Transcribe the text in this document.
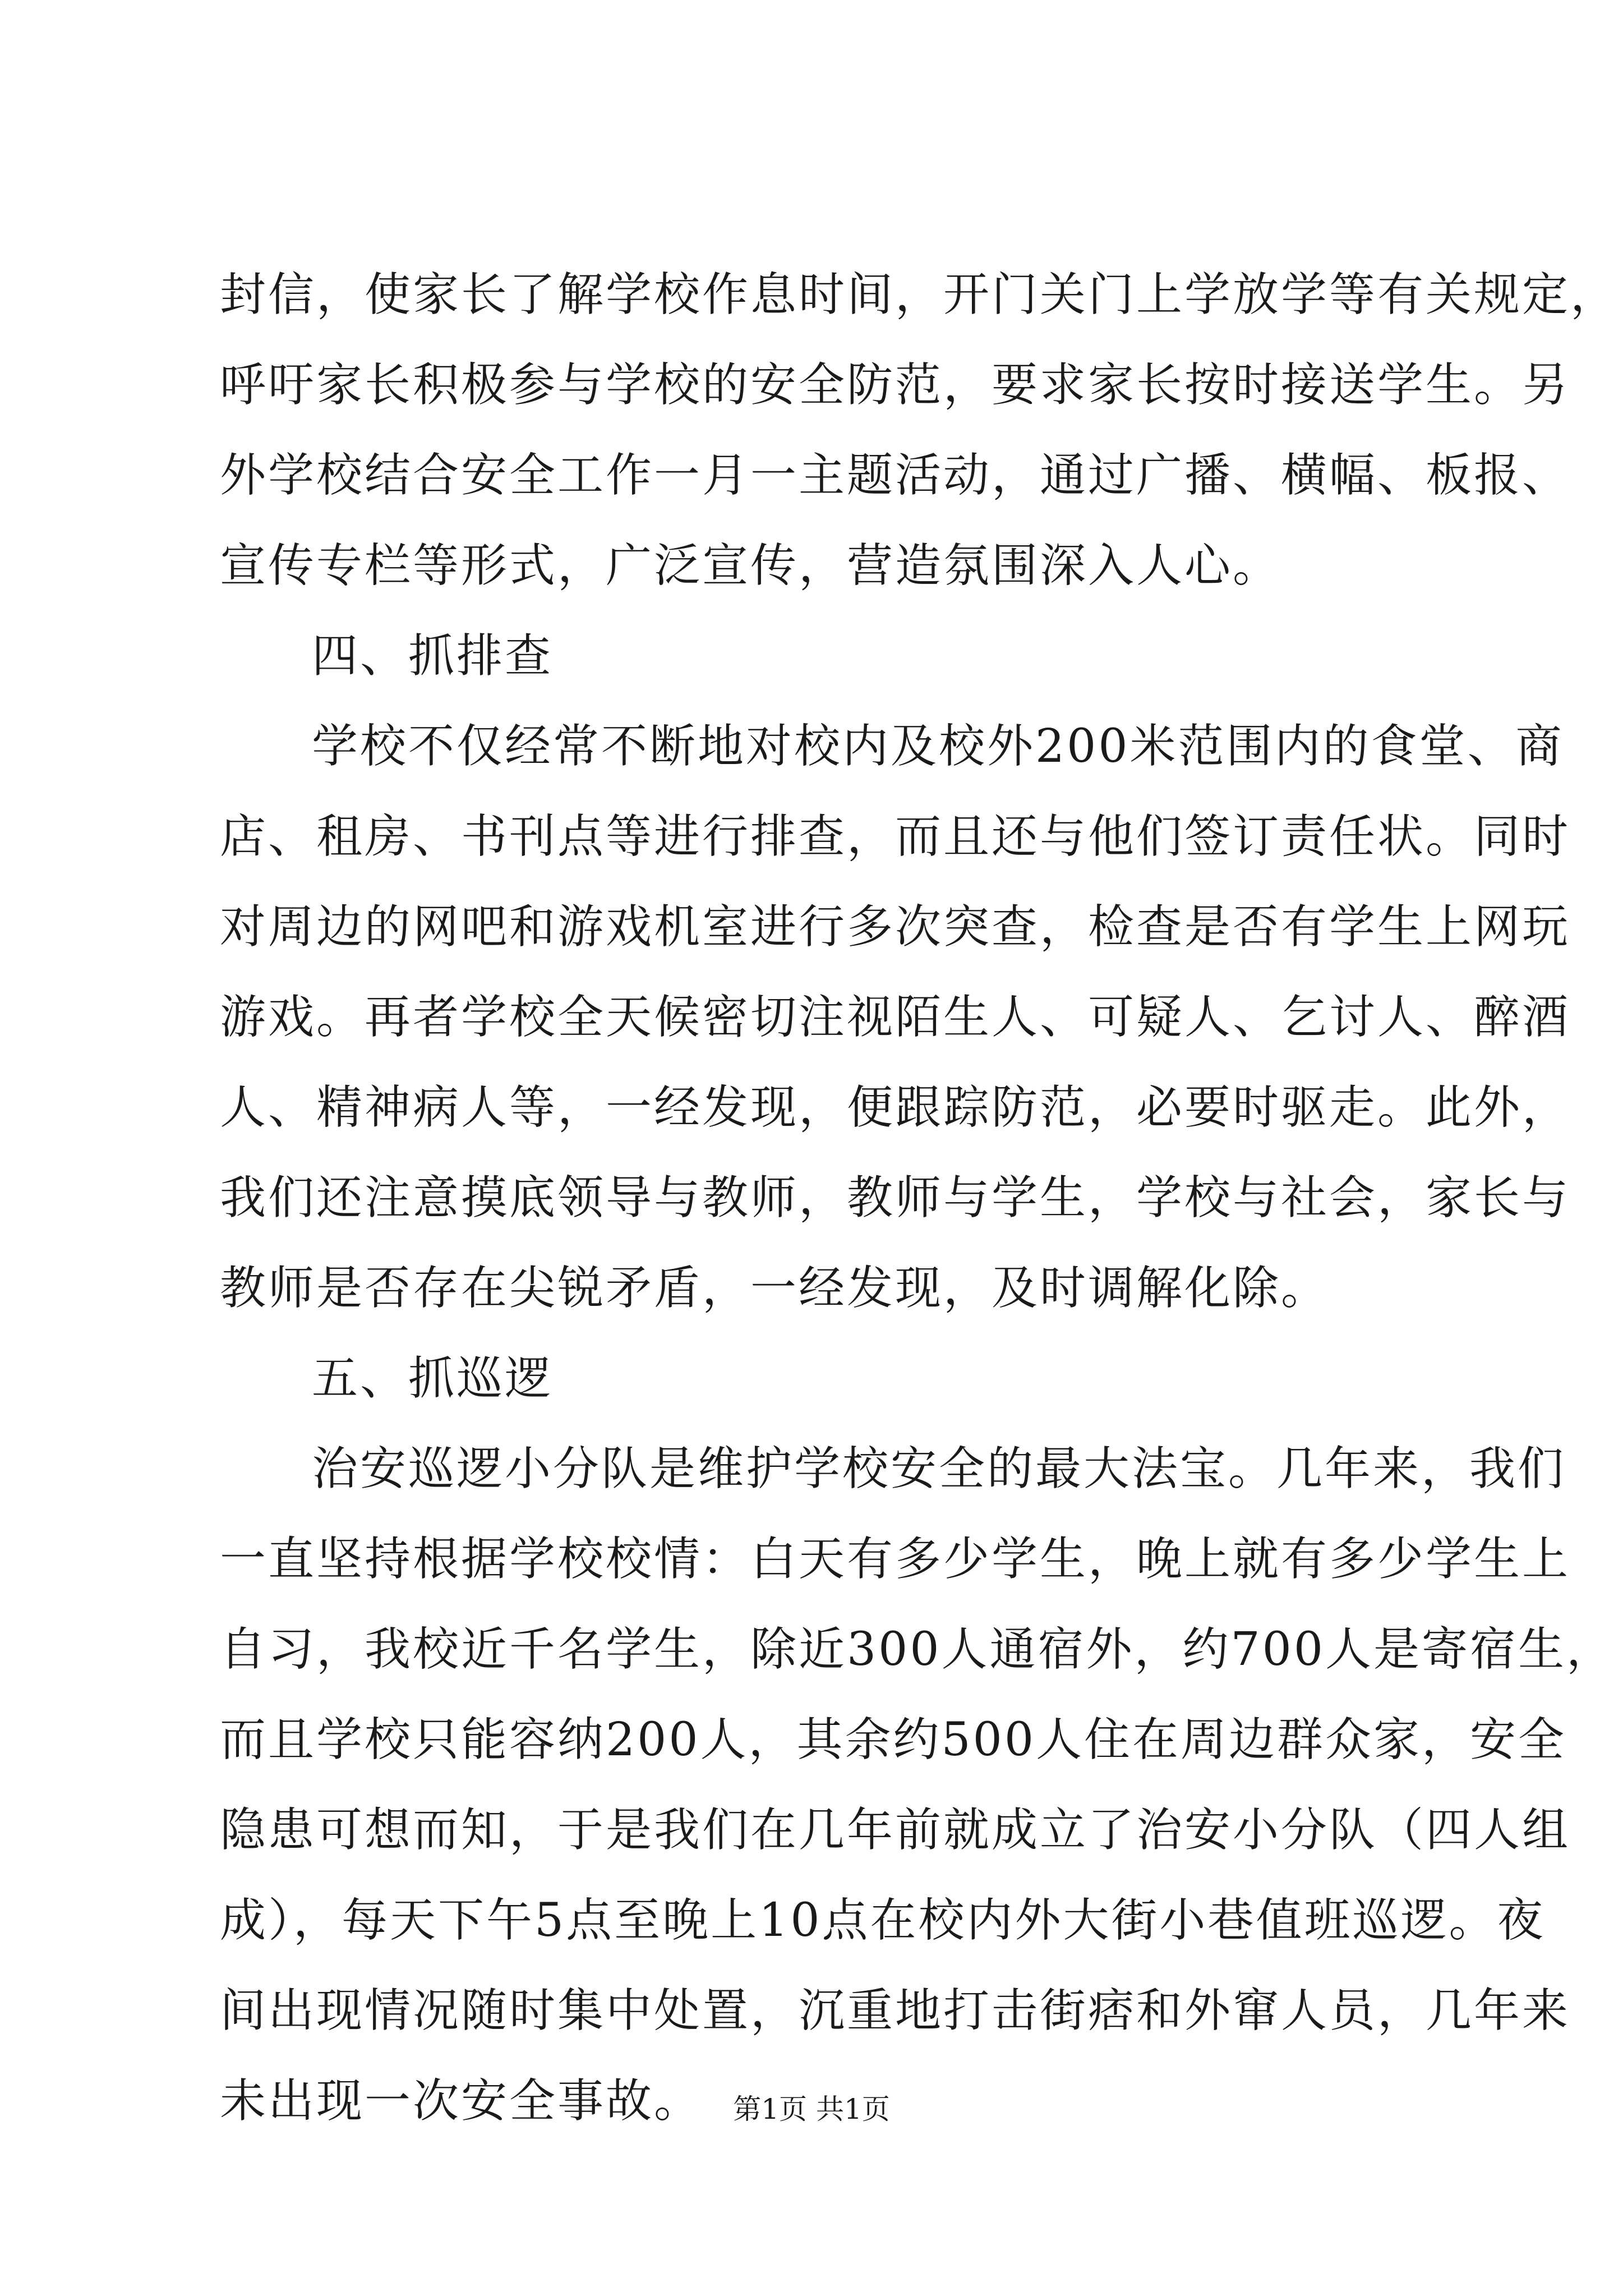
封信，使家长了解学校作息时间，开门关门上学放学等有关规定，
呼吁家长积极参与学校的安全防范，要求家长按时接送学生。另
外学校结合安全工作一月一主题活动，通过广播、横幅、板报、
宣传专栏等形式，广泛宣传，营造氛围深入人心。
四、抓排查
学校不仅经常不断地对校内及校外200米范围内的食堂、商
店、租房、书刊点等进行排查，而且还与他们签订责任状。同时
对周边的网吧和游戏机室进行多次突查，检查是否有学生上网玩
游戏。再者学校全天候密切注视陌生人、可疑人、乞讨人、醉酒
人、精神病人等，一经发现，便跟踪防范，必要时驱走。此外，
我们还注意摸底领导与教师，教师与学生，学校与社会，家长与
教师是否存在尖锐矛盾，一经发现，及时调解化除。
五、抓巡逻
治安巡逻小分队是维护学校安全的最大法宝。几年来，我们
一直坚持根据学校校情：白天有多少学生，晚上就有多少学生上
自习，我校近千名学生，除近300人通宿外，约700人是寄宿生，
而且学校只能容纳200人，其余约500人住在周边群众家，安全
隐患可想而知，于是我们在几年前就成立了治安小分队（四人组
成），每天下午5点至晚上10点在校内外大街小巷值班巡逻。夜
间出现情况随时集中处置，沉重地打击街痞和外窜人员，几年来
未出现一次安全事故。	第1页 共1页
